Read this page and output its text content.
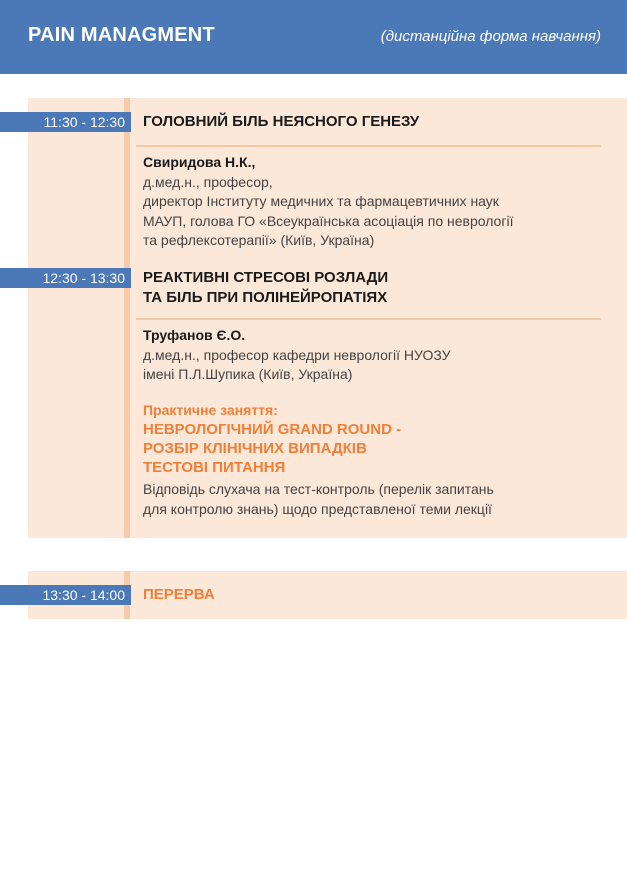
PAIN MANAGMENT	(дистанційна форма навчання)
11:30 - 12:30	ГОЛОВНИЙ БІЛЬ НЕЯСНОГО ГЕНЕЗУ
Свиридова Н.К.,
д.мед.н., професор,
директор Інституту медичних та фармацевтичних наук
МАУП, голова ГО «Всеукраїнська асоціація по неврології
та рефлексотерапії» (Київ, Україна)
12:30 - 13:30	РЕАКТИВНІ СТРЕСОВІ РОЗЛАДИ
ТА БІЛЬ ПРИ ПОЛІНЕЙРОПАТІЯХ
Труфанов Є.О.
д.мед.н., професор кафедри неврології НУОЗУ
імені П.Л.Шупика (Київ, Україна)
Практичне заняття:
НЕВРОЛОГІЧНИЙ GRAND ROUND -
РОЗБІР КЛІНІЧНИХ ВИПАДКІВ
ТЕСТОВІ ПИТАННЯ
Відповідь слухача на тест-контроль (перелік запитань
для контролю знань) щодо представленої теми лекції
13:30 - 14:00	ПЕРЕРВА
